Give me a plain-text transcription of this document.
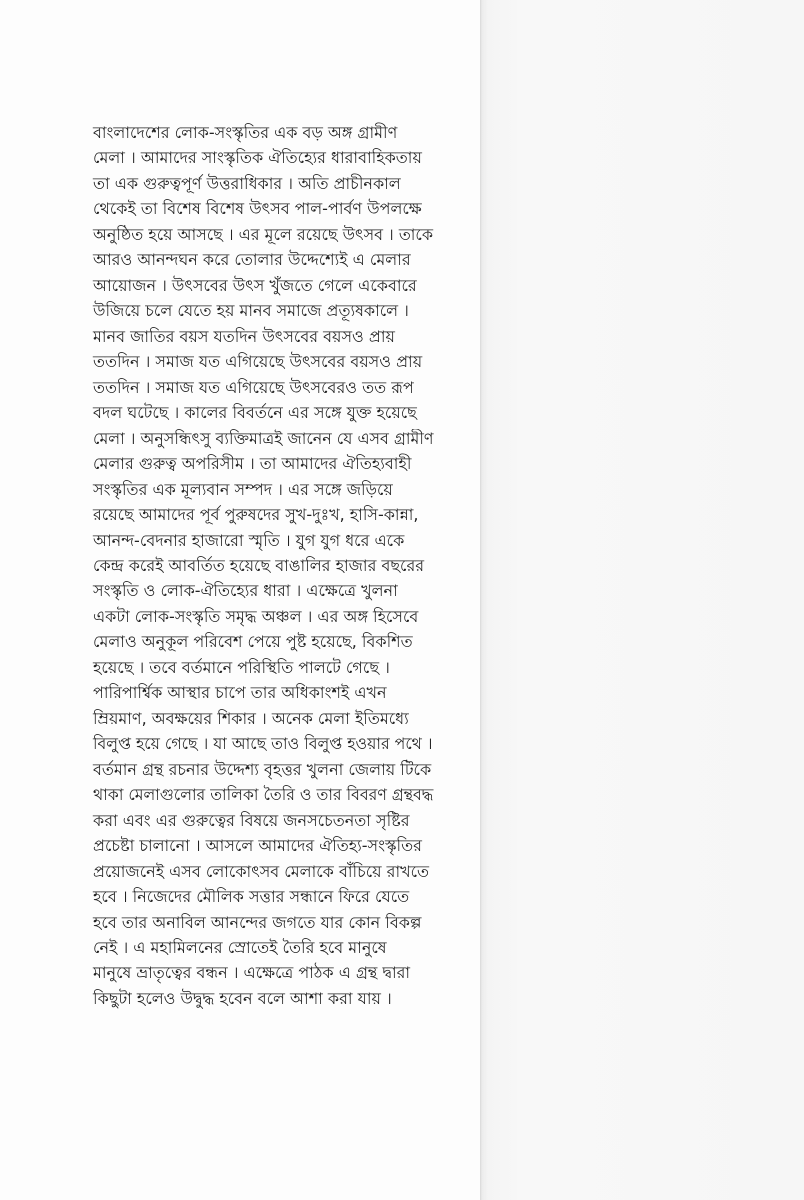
বাংলাদেশের লোক-সংস্কৃতির এক বড় অঙ্গ গ্রামীণ
মেলা । আমাদের সাংস্কৃতিক ঐতিহ্যের ধারাবাহিকতায়
তা এক গুরুত্বপূর্ণ উত্তরাধিকার । অতি প্রাচীনকাল
থেকেই তা বিশেষ বিশেষ উৎসব পাল-পার্বণ উপলক্ষে
অনুষ্ঠিত হয়ে আসছে । এর মূলে রয়েছে উৎসব । তাকে
আরও আনন্দঘন করে তোলার উদ্দেশ্যেই এ মেলার
আয়োজন । উৎসবের উৎস খুঁজতে গেলে একেবারে
উজিয়ে চলে যেতে হয় মানব সমাজে প্রত্যূষকালে ।
মানব জাতির বয়স যতদিন উৎসবের বয়সও প্রায়
ততদিন । সমাজ যত এগিয়েছে উৎসবের বয়সও প্রায়
ততদিন । সমাজ যত এগিয়েছে উৎসবেরও তত রূপ
বদল ঘটেছে । কালের বিবর্তনে এর সঙ্গে যুক্ত হয়েছে
মেলা । অনুসন্ধিৎসু ব্যক্তিমাত্রই জানেন যে এসব গ্রামীণ
মেলার গুরুত্ব অপরিসীম । তা আমাদের ঐতিহ্যবাহী
সংস্কৃতির এক মূল্যবান সম্পদ । এর সঙ্গে জড়িয়ে
রয়েছে আমাদের পূর্ব পুরুষদের সুখ-দুঃখ, হাসি-কান্না,
আনন্দ-বেদনার হাজারো স্মৃতি । যুগ যুগ ধরে একে
কেন্দ্র করেই আবর্তিত হয়েছে বাঙালির হাজার বছরের
সংস্কৃতি ও লোক-ঐতিহ্যের ধারা । এক্ষেত্রে খুলনা
একটা লোক-সংস্কৃতি সমৃদ্ধ অঞ্চল । এর অঙ্গ হিসেবে
মেলাও অনুকূল পরিবেশ পেয়ে পুষ্ট হয়েছে, বিকশিত
হয়েছে । তবে বর্তমানে পরিস্থিতি পালটে গেছে ।
পারিপার্শ্বিক আস্থার চাপে তার অধিকাংশই এখন
ম্রিয়মাণ, অবক্ষয়ের শিকার । অনেক মেলা ইতিমধ্যে
বিলুপ্ত হয়ে গেছে । যা আছে তাও বিলুপ্ত হওয়ার পথে ।
বর্তমান গ্রন্থ রচনার উদ্দেশ্য বৃহত্তর খুলনা জেলায় টিকে
থাকা মেলাগুলোর তালিকা তৈরি ও তার বিবরণ গ্রন্থবদ্ধ
করা এবং এর গুরুত্বের বিষয়ে জনসচেতনতা সৃষ্টির
প্রচেষ্টা চালানো । আসলে আমাদের ঐতিহ্য-সংস্কৃতির
প্রয়োজনেই এসব লোকোৎসব মেলাকে বাঁচিয়ে রাখতে
হবে । নিজেদের মৌলিক সত্তার সন্ধানে ফিরে যেতে
হবে তার অনাবিল আনন্দের জগতে যার কোন বিকল্প
নেই । এ মহামিলনের স্রোতেই তৈরি হবে মানুষে
মানুষে ভ্রাতৃত্বের বন্ধন । এক্ষেত্রে পাঠক এ গ্রন্থ দ্বারা
কিছুটা হলেও উদ্বুদ্ধ হবেন বলে আশা করা যায় ।
